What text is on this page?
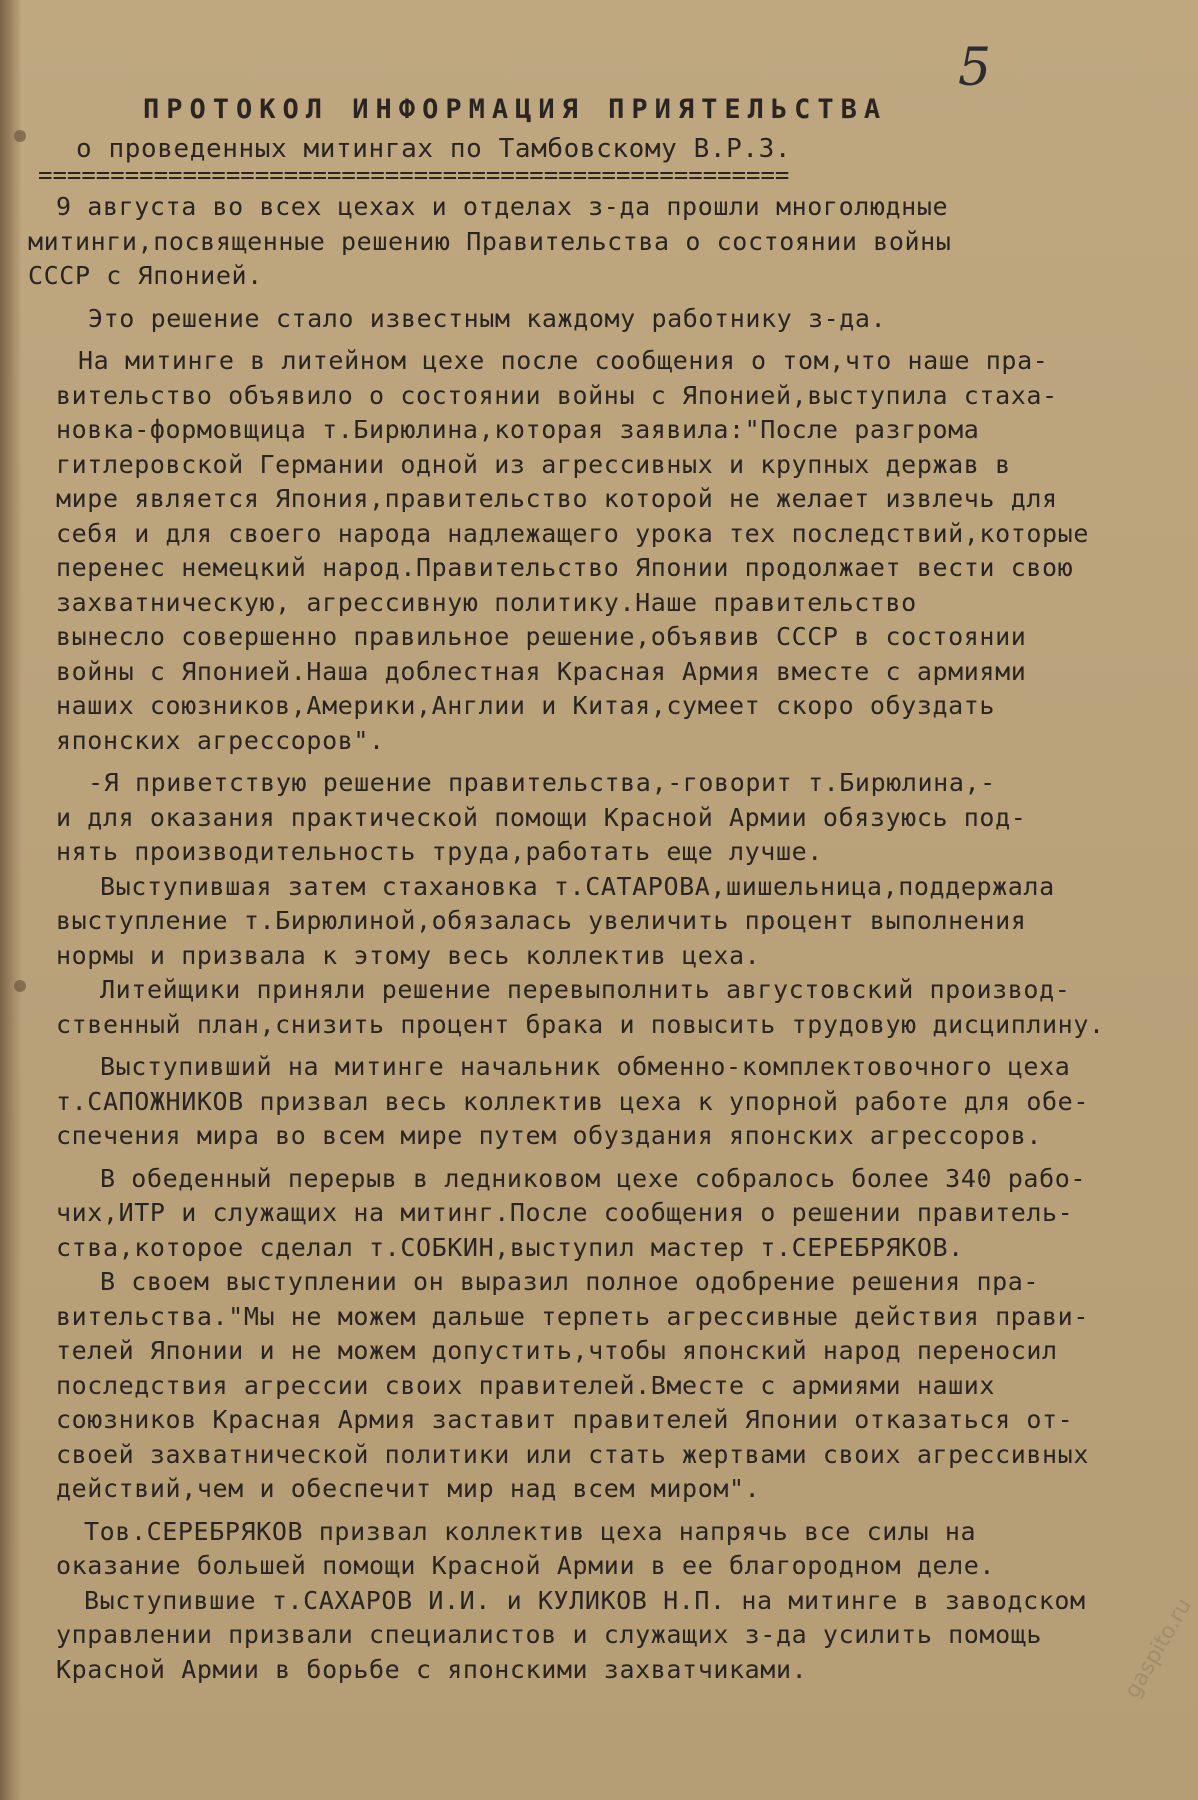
5
ПРОТОКОЛ ИНФОРМАЦИЯ ПРИЯТЕЛЬСТВА
о проведенных митингах по Тамбовскому В.Р.З.
====================================================
9 августа во всех цехах и отделах з-да прошли многолюдные
митинги,посвященные решению Правительства о состоянии войны
СССР с Японией.
Это решение стало известным каждому работнику з-да.
На митинге в литейном цехе после сообщения о том,что наше пра-
вительство объявило о состоянии войны с Японией,выступила стаха-
новка-формовщица т.Бирюлина,которая заявила:"После разгрома
гитлеровской Германии одной из агрессивных и крупных держав в
мире является Япония,правительство которой не желает извлечь для
себя и для своего народа надлежащего урока тех последствий,которые
перенес немецкий народ.Правительство Японии продолжает вести свою
захватническую, агрессивную политику.Наше правительство
вынесло совершенно правильное решение,объявив СССР в состоянии
войны с Японией.Наша доблестная Красная Армия вместе с армиями
наших союзников,Америки,Англии и Китая,сумеет скоро обуздать
японских агрессоров".
-Я приветствую решение правительства,-говорит т.Бирюлина,-
и для оказания практической помощи Красной Армии обязуюсь под-
нять производительность труда,работать еще лучше.
Выступившая затем стахановка т.САТАРОВА,шишельница,поддержала
выступление т.Бирюлиной,обязалась увеличить процент выполнения
нормы и призвала к этому весь коллектив цеха.
Литейщики приняли решение перевыполнить августовский производ-
ственный план,снизить процент брака и повысить трудовую дисциплину.
Выступивший на митинге начальник обменно-комплектовочного цеха
т.САПОЖНИКОВ призвал весь коллектив цеха к упорной работе для обе-
спечения мира во всем мире путем обуздания японских агрессоров.
В обеденный перерыв в ледниковом цехе собралось более 340 рабо-
чих,ИТР и служащих на митинг.После сообщения о решении правитель-
ства,которое сделал т.СОБКИН,выступил мастер т.СЕРЕБРЯКОВ.
В своем выступлении он выразил полное одобрение решения пра-
вительства."Мы не можем дальше терпеть агрессивные действия прави-
телей Японии и не можем допустить,чтобы японский народ переносил
последствия агрессии своих правителей.Вместе с армиями наших
союзников Красная Армия заставит правителей Японии отказаться от-
своей захватнической политики или стать жертвами своих агрессивных
действий,чем и обеспечит мир над всем миром".
Тов.СЕРЕБРЯКОВ призвал коллектив цеха напрячь все силы на
оказание большей помощи Красной Армии в ее благородном деле.
Выступившие т.САХАРОВ И.И. и КУЛИКОВ Н.П. на митинге в заводском
управлении призвали специалистов и служащих з-да усилить помощь
Красной Армии в борьбе с японскими захватчиками.	gaspito.ru
